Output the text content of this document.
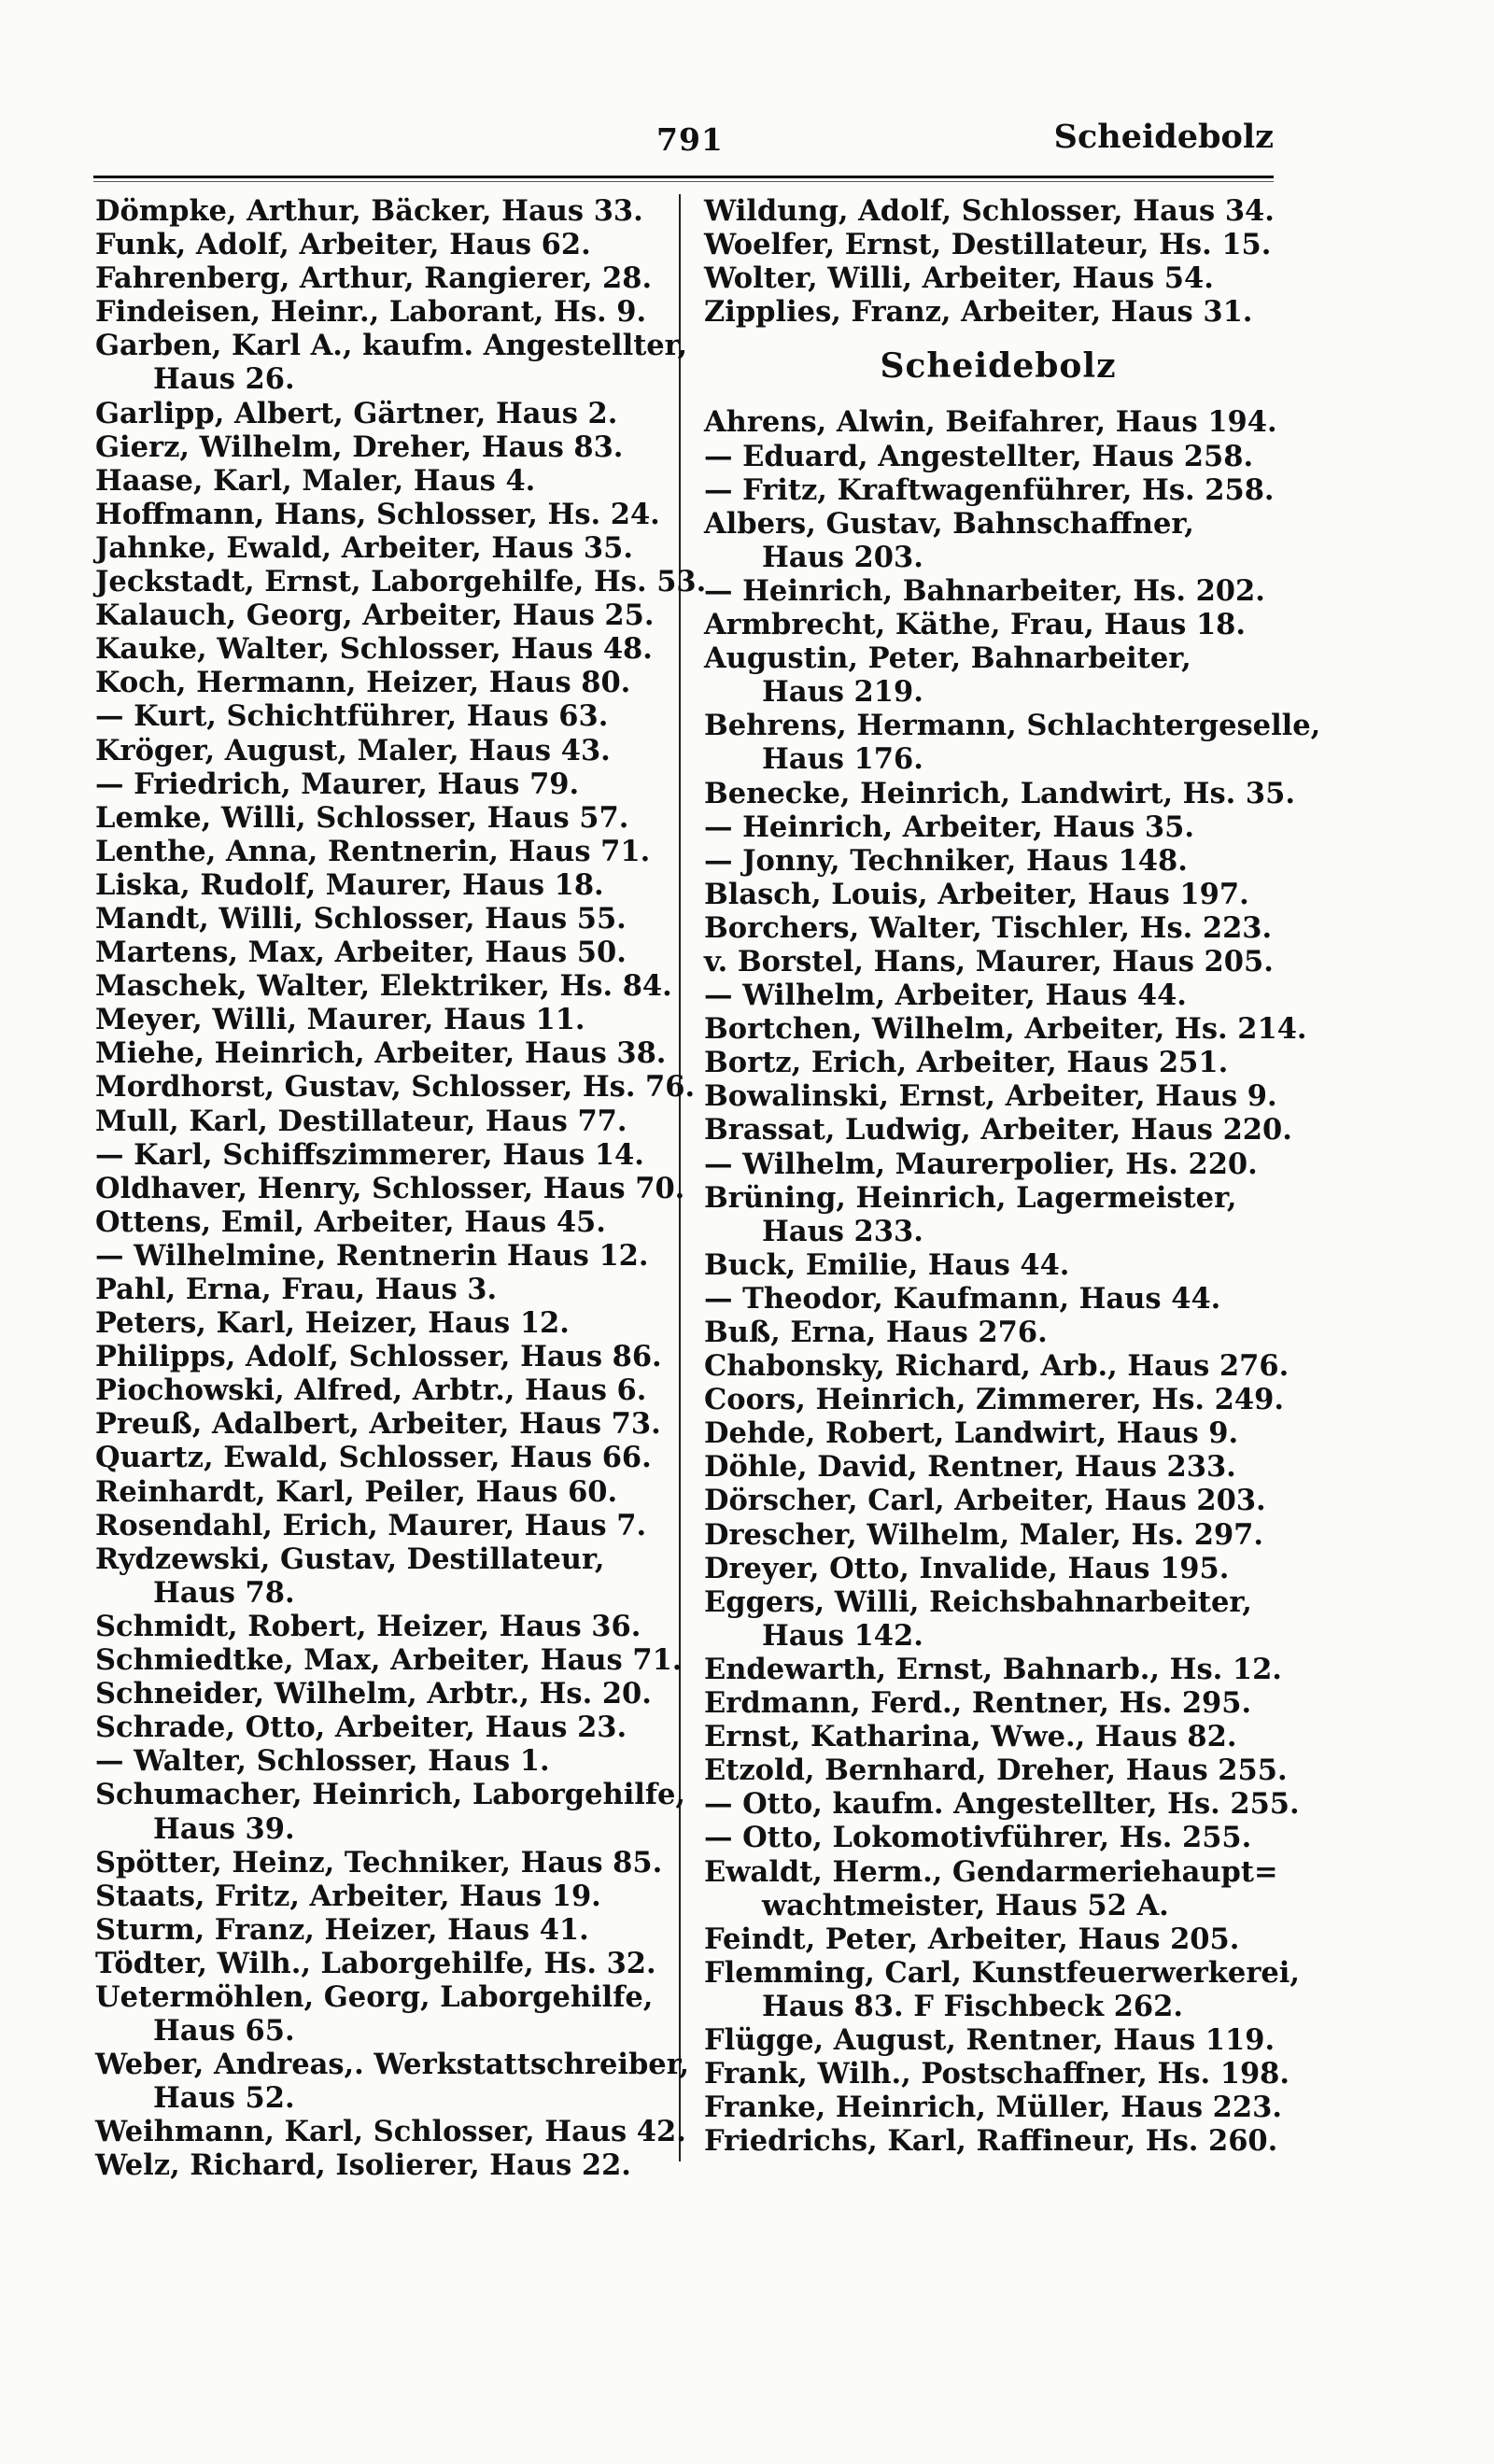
791	Scheidebolz
Dömpke, Arthur, Bäcker, Haus 33.
Funk, Adolf, Arbeiter, Haus 62.
Fahrenberg, Arthur, Rangierer, 28.
Findeisen, Heinr., Laborant, Hs. 9.
Garben, Karl A., kaufm. Angestellter,
Haus 26.
Garlipp, Albert, Gärtner, Haus 2.
Gierz, Wilhelm, Dreher, Haus 83.
Haase, Karl, Maler, Haus 4.
Hoffmann, Hans, Schlosser, Hs. 24.
Jahnke, Ewald, Arbeiter, Haus 35.
Jeckstadt, Ernst, Laborgehilfe, Hs. 53.
Kalauch, Georg, Arbeiter, Haus 25.
Kauke, Walter, Schlosser, Haus 48.
Koch, Hermann, Heizer, Haus 80.
— Kurt, Schichtführer, Haus 63.
Kröger, August, Maler, Haus 43.
— Friedrich, Maurer, Haus 79.
Lemke, Willi, Schlosser, Haus 57.
Lenthe, Anna, Rentnerin, Haus 71.
Liska, Rudolf, Maurer, Haus 18.
Mandt, Willi, Schlosser, Haus 55.
Martens, Max, Arbeiter, Haus 50.
Maschek, Walter, Elektriker, Hs. 84.
Meyer, Willi, Maurer, Haus 11.
Miehe, Heinrich, Arbeiter, Haus 38.
Mordhorst, Gustav, Schlosser, Hs. 76.
Mull, Karl, Destillateur, Haus 77.
— Karl, Schiffszimmerer, Haus 14.
Oldhaver, Henry, Schlosser, Haus 70.
Ottens, Emil, Arbeiter, Haus 45.
— Wilhelmine, Rentnerin Haus 12.
Pahl, Erna, Frau, Haus 3.
Peters, Karl, Heizer, Haus 12.
Philipps, Adolf, Schlosser, Haus 86.
Piochowski, Alfred, Arbtr., Haus 6.
Preuß, Adalbert, Arbeiter, Haus 73.
Quartz, Ewald, Schlosser, Haus 66.
Reinhardt, Karl, Peiler, Haus 60.
Rosendahl, Erich, Maurer, Haus 7.
Rydzewski, Gustav, Destillateur,
Haus 78.
Schmidt, Robert, Heizer, Haus 36.
Schmiedtke, Max, Arbeiter, Haus 71.
Schneider, Wilhelm, Arbtr., Hs. 20.
Schrade, Otto, Arbeiter, Haus 23.
— Walter, Schlosser, Haus 1.
Schumacher, Heinrich, Laborgehilfe,
Haus 39.
Spötter, Heinz, Techniker, Haus 85.
Staats, Fritz, Arbeiter, Haus 19.
Sturm, Franz, Heizer, Haus 41.
Tödter, Wilh., Laborgehilfe, Hs. 32.
Uetermöhlen, Georg, Laborgehilfe,
Haus 65.
Weber, Andreas,. Werkstattschreiber,
Haus 52.
Weihmann, Karl, Schlosser, Haus 42.
Welz, Richard, Isolierer, Haus 22.
Wildung, Adolf, Schlosser, Haus 34.
Woelfer, Ernst, Destillateur, Hs. 15.
Wolter, Willi, Arbeiter, Haus 54.
Zipplies, Franz, Arbeiter, Haus 31.
Scheidebolz
Ahrens, Alwin, Beifahrer, Haus 194.
— Eduard, Angestellter, Haus 258.
— Fritz, Kraftwagenführer, Hs. 258.
Albers, Gustav, Bahnschaffner,
Haus 203.
— Heinrich, Bahnarbeiter, Hs. 202.
Armbrecht, Käthe, Frau, Haus 18.
Augustin, Peter, Bahnarbeiter,
Haus 219.
Behrens, Hermann, Schlachtergeselle,
Haus 176.
Benecke, Heinrich, Landwirt, Hs. 35.
— Heinrich, Arbeiter, Haus 35.
— Jonny, Techniker, Haus 148.
Blasch, Louis, Arbeiter, Haus 197.
Borchers, Walter, Tischler, Hs. 223.
v. Borstel, Hans, Maurer, Haus 205.
— Wilhelm, Arbeiter, Haus 44.
Bortchen, Wilhelm, Arbeiter, Hs. 214.
Bortz, Erich, Arbeiter, Haus 251.
Bowalinski, Ernst, Arbeiter, Haus 9.
Brassat, Ludwig, Arbeiter, Haus 220.
— Wilhelm, Maurerpolier, Hs. 220.
Brüning, Heinrich, Lagermeister,
Haus 233.
Buck, Emilie, Haus 44.
— Theodor, Kaufmann, Haus 44.
Buß, Erna, Haus 276.
Chabonsky, Richard, Arb., Haus 276.
Coors, Heinrich, Zimmerer, Hs. 249.
Dehde, Robert, Landwirt, Haus 9.
Döhle, David, Rentner, Haus 233.
Dörscher, Carl, Arbeiter, Haus 203.
Drescher, Wilhelm, Maler, Hs. 297.
Dreyer, Otto, Invalide, Haus 195.
Eggers, Willi, Reichsbahnarbeiter,
Haus 142.
Endewarth, Ernst, Bahnarb., Hs. 12.
Erdmann, Ferd., Rentner, Hs. 295.
Ernst, Katharina, Wwe., Haus 82.
Etzold, Bernhard, Dreher, Haus 255.
— Otto, kaufm. Angestellter, Hs. 255.
— Otto, Lokomotivführer, Hs. 255.
Ewaldt, Herm., Gendarmeriehaupt=
wachtmeister, Haus 52 A.
Feindt, Peter, Arbeiter, Haus 205.
Flemming, Carl, Kunstfeuerwerkerei,
Haus 83. F Fischbeck 262.
Flügge, August, Rentner, Haus 119.
Frank, Wilh., Postschaffner, Hs. 198.
Franke, Heinrich, Müller, Haus 223.
Friedrichs, Karl, Raffineur, Hs. 260.
